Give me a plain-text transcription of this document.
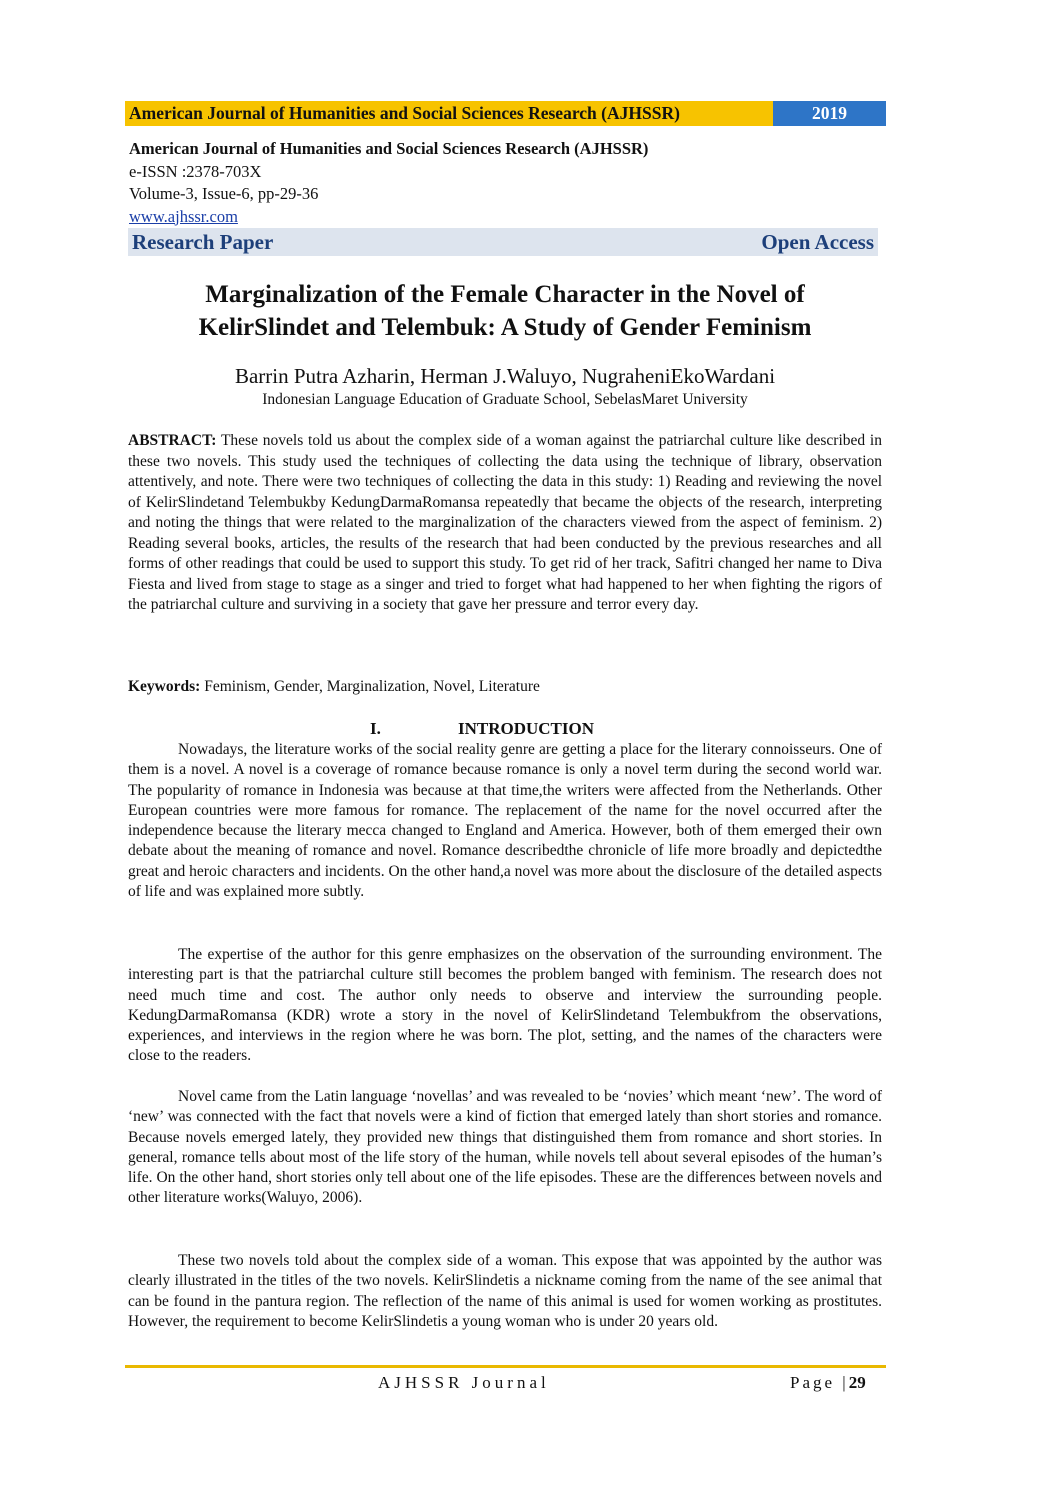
American Journal of Humanities and Social Sciences Research (AJHSSR)	2019
American Journal of Humanities and Social Sciences Research (AJHSSR)
e-ISSN :2378-703X
Volume-3, Issue-6, pp-29-36
www.ajhssr.com
Research Paper	Open Access
Marginalization of the Female Character in the Novel of
KelirSlindet and Telembuk: A Study of Gender Feminism
Barrin Putra Azharin, Herman J.Waluyo, NugraheniEkoWardani
Indonesian Language Education of Graduate School, SebelasMaret University
ABSTRACT: These novels told us about the complex side of a woman against the patriarchal culture like described in these two novels. This study used the techniques of collecting the data using the technique of library, observation attentively, and note. There were two techniques of collecting the data in this study: 1) Reading and reviewing the novel of KelirSlindetand Telembukby KedungDarmaRomansa repeatedly that became the objects of the research, interpreting and noting the things that were related to the marginalization of the characters viewed from the aspect of feminism. 2) Reading several books, articles, the results of the research that had been conducted by the previous researches and all forms of other readings that could be used to support this study. To get rid of her track, Safitri changed her name to Diva Fiesta and lived from stage to stage as a singer and tried to forget what had happened to her when fighting the rigors of the patriarchal culture and surviving in a society that gave her pressure and terror every day.
Keywords: Feminism, Gender, Marginalization, Novel, Literature
I.	INTRODUCTION

Nowadays, the literature works of the social reality genre are getting a place for the literary connoisseurs. One of them is a novel. A novel is a coverage of romance because romance is only a novel term during the second world war. The popularity of romance in Indonesia was because at that time,the writers were affected from the Netherlands. Other European countries were more famous for romance. The replacement of the name for the novel occurred after the independence because the literary mecca changed to England and America. However, both of them emerged their own debate about the meaning of romance and novel. Romance describedthe chronicle of life more broadly and depictedthe great and heroic characters and incidents. On the other hand,a novel was more about the disclosure of the detailed aspects of life and was explained more subtly.

The expertise of the author for this genre emphasizes on the observation of the surrounding environment. The interesting part is that the patriarchal culture still becomes the problem banged with feminism. The research does not need much time and cost. The author only needs to observe and interview the surrounding people. KedungDarmaRomansa (KDR) wrote a story in the novel of KelirSlindetand Telembukfrom the observations, experiences, and interviews in the region where he was born. The plot, setting, and the names of the characters were close to the readers.

Novel came from the Latin language ‘novellas’ and was revealed to be ‘novies’ which meant ‘new’. The word of ‘new’ was connected with the fact that novels were a kind of fiction that emerged lately than short stories and romance. Because novels emerged lately, they provided new things that distinguished them from romance and short stories. In general, romance tells about most of the life story of the human, while novels tell about several episodes of the human’s life. On the other hand, short stories only tell about one of the life episodes. These are the differences between novels and other literature works(Waluyo, 2006).

These two novels told about the complex side of a woman. This expose that was appointed by the author was clearly illustrated in the titles of the two novels. KelirSlindetis a nickname coming from the name of the see animal that can be found in the pantura region. The reflection of the name of this animal is used for women working as prostitutes. However, the requirement to become KelirSlindetis a young woman who is under 20 years old.

AJHSSR Journal	Page |29
